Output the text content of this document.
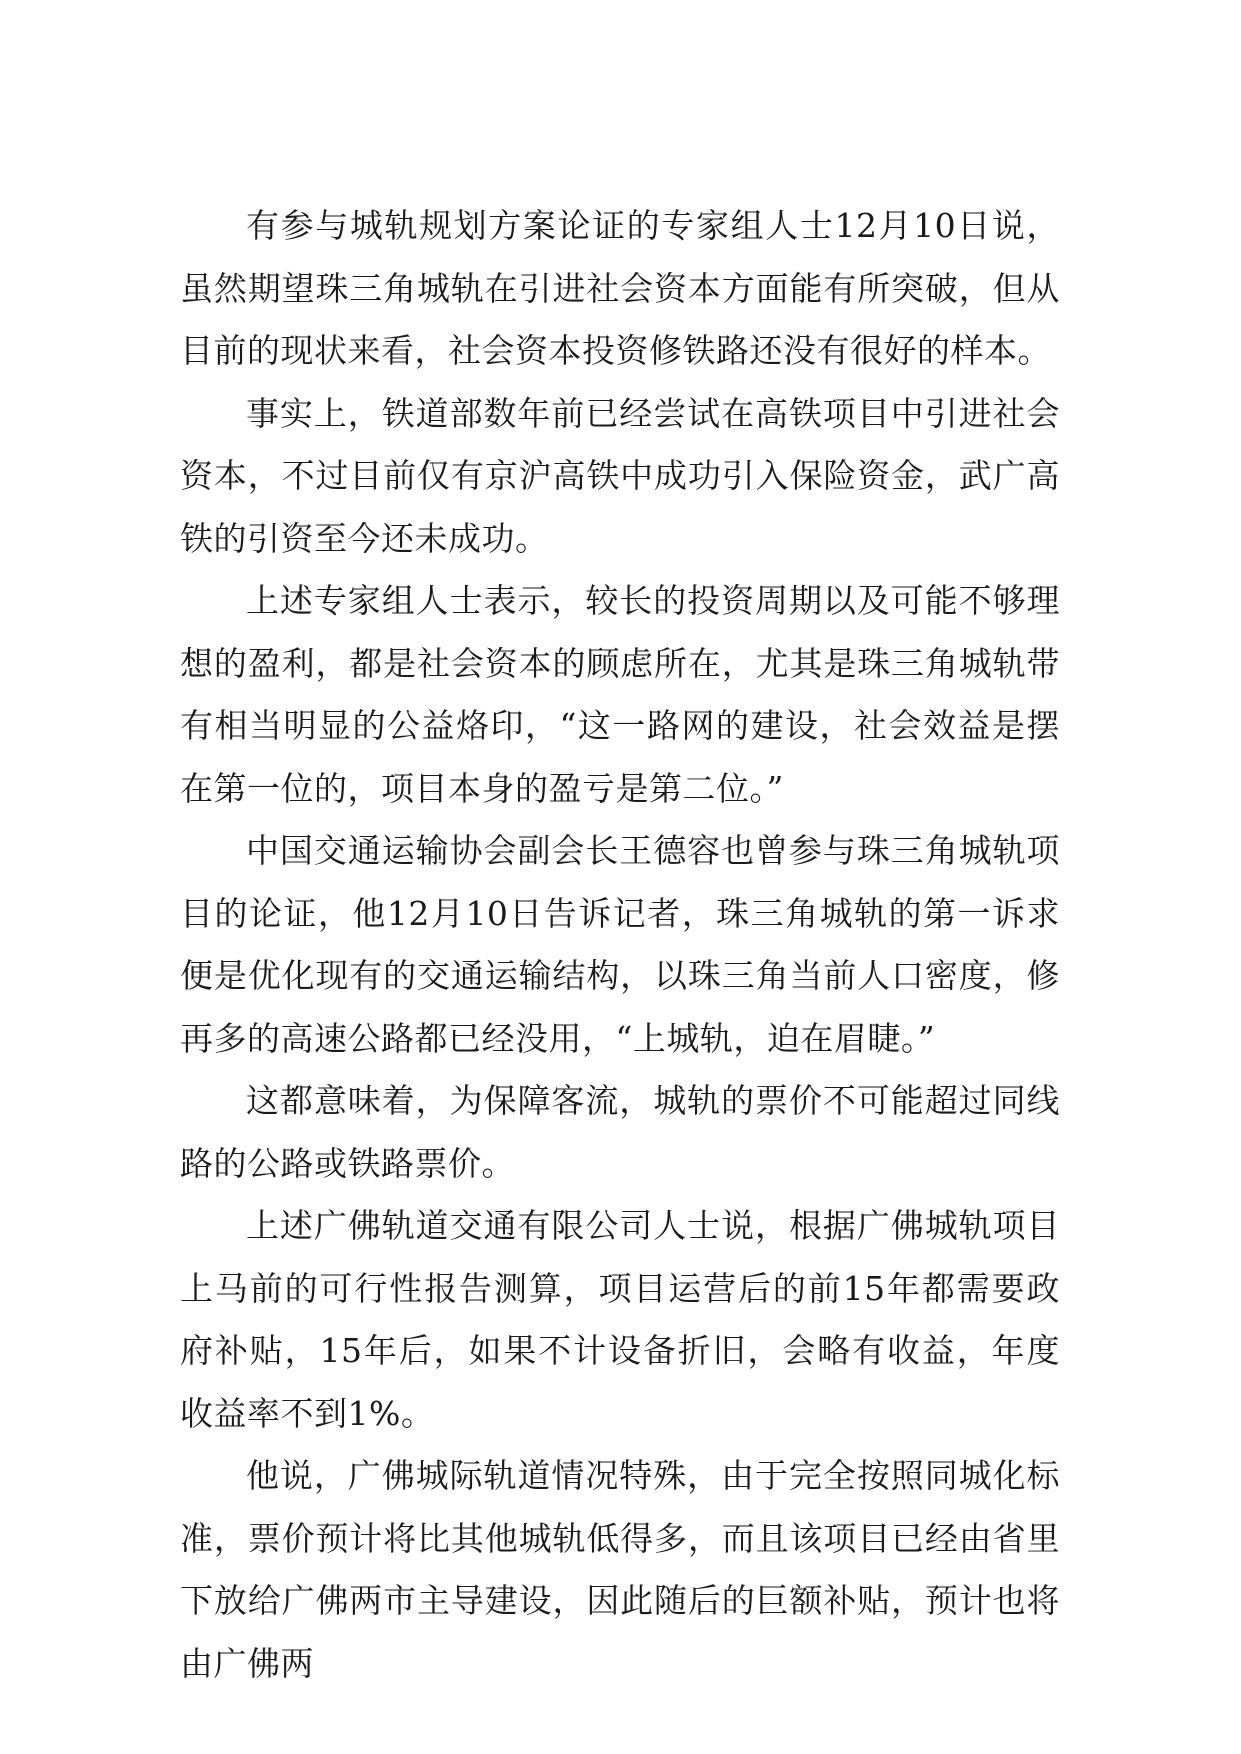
有参与城轨规划方案论证的专家组人士12月10日说，虽然期望珠三角城轨在引进社会资本方面能有所突破，但从目前的现状来看，社会资本投资修铁路还没有很好的样本。

事实上，铁道部数年前已经尝试在高铁项目中引进社会资本，不过目前仅有京沪高铁中成功引入保险资金，武广高铁的引资至今还未成功。

上述专家组人士表示，较长的投资周期以及可能不够理想的盈利，都是社会资本的顾虑所在，尤其是珠三角城轨带有相当明显的公益烙印，“这一路网的建设，社会效益是摆在第一位的，项目本身的盈亏是第二位。”

中国交通运输协会副会长王德容也曾参与珠三角城轨项目的论证，他12月10日告诉记者，珠三角城轨的第一诉求便是优化现有的交通运输结构，以珠三角当前人口密度，修再多的高速公路都已经没用，“上城轨，迫在眉睫。”

这都意味着，为保障客流，城轨的票价不可能超过同线路的公路或铁路票价。

上述广佛轨道交通有限公司人士说，根据广佛城轨项目上马前的可行性报告测算，项目运营后的前15年都需要政府补贴，15年后，如果不计设备折旧，会略有收益，年度收益率不到1%。

他说，广佛城际轨道情况特殊，由于完全按照同城化标准，票价预计将比其他城轨低得多，而且该项目已经由省里下放给广佛两市主导建设，因此随后的巨额补贴，预计也将由广佛两
